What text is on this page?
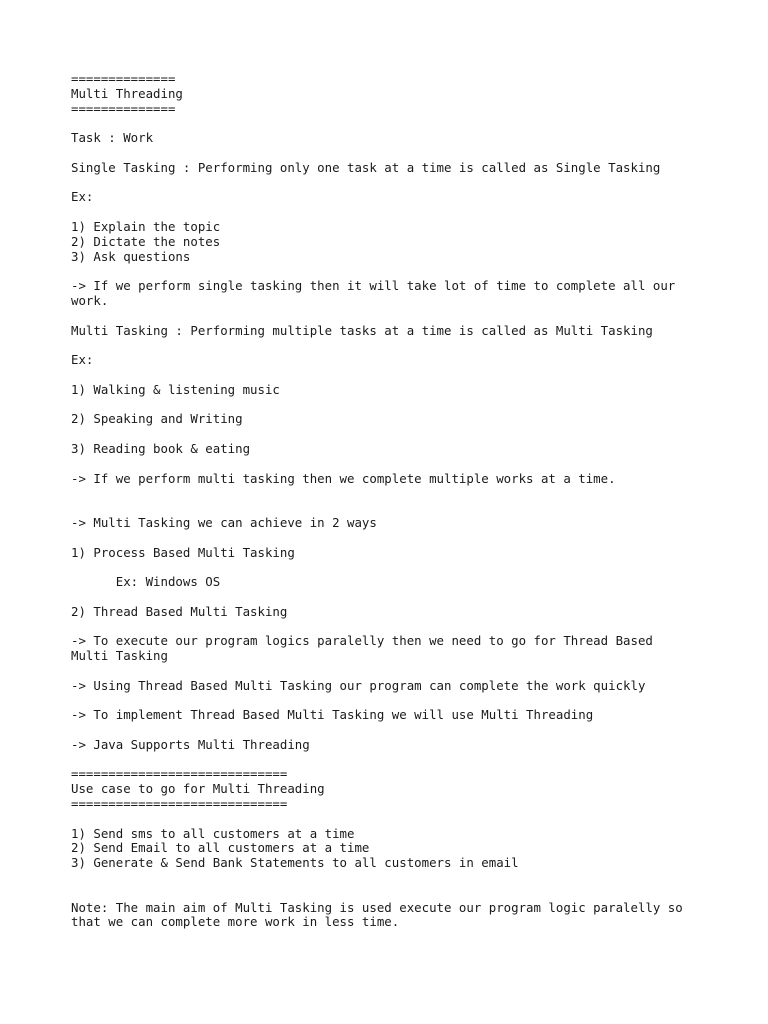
==============
Multi Threading
==============
Task : Work
Single Tasking : Performing only one task at a time is called as Single Tasking
Ex:
1) Explain the topic
2) Dictate the notes
3) Ask questions
-> If we perform single tasking then it will take lot of time to complete all our
work.
Multi Tasking : Performing multiple tasks at a time is called as Multi Tasking
Ex:
1) Walking & listening music
2) Speaking and Writing
3) Reading book & eating
-> If we perform multi tasking then we complete multiple works at a time.
-> Multi Tasking we can achieve in 2 ways
1) Process Based Multi Tasking
Ex: Windows OS
2) Thread Based Multi Tasking
-> To execute our program logics paralelly then we need to go for Thread Based
Multi Tasking
-> Using Thread Based Multi Tasking our program can complete the work quickly
-> To implement Thread Based Multi Tasking we will use Multi Threading
-> Java Supports Multi Threading
=============================
Use case to go for Multi Threading
=============================
1) Send sms to all customers at a time
2) Send Email to all customers at a time
3) Generate & Send Bank Statements to all customers in email
Note: The main aim of Multi Tasking is used execute our program logic paralelly so
that we can complete more work in less time.
